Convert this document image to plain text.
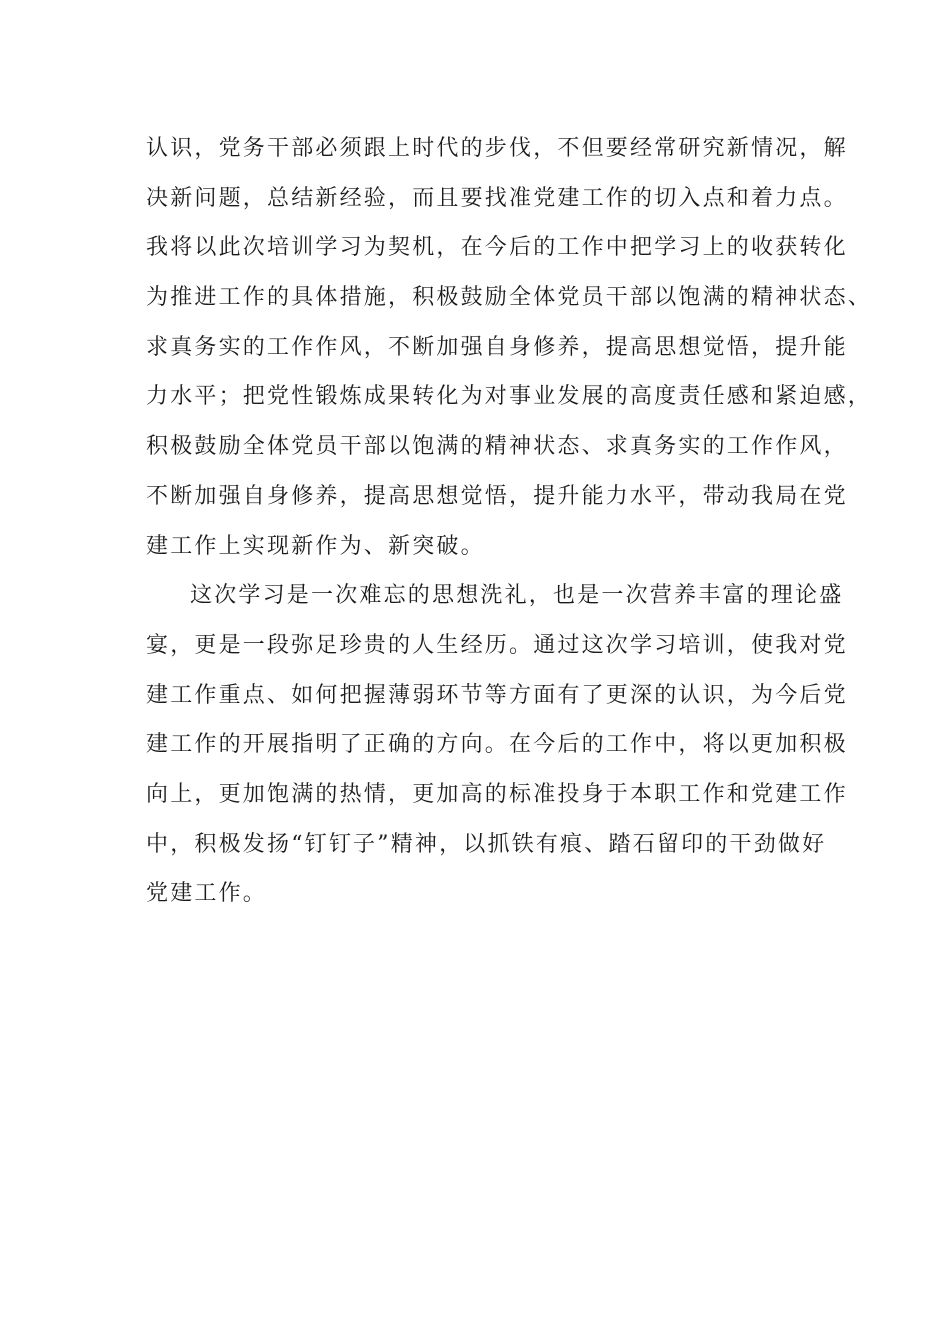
认识，党务干部必须跟上时代的步伐，不但要经常研究新情况，解
决新问题，总结新经验，而且要找准党建工作的切入点和着力点。
我将以此次培训学习为契机，在今后的工作中把学习上的收获转化
为推进工作的具体措施，积极鼓励全体党员干部以饱满的精神状态、
求真务实的工作作风，不断加强自身修养，提高思想觉悟，提升能
力水平；把党性锻炼成果转化为对事业发展的高度责任感和紧迫感，
积极鼓励全体党员干部以饱满的精神状态、求真务实的工作作风，
不断加强自身修养，提高思想觉悟，提升能力水平，带动我局在党
建工作上实现新作为、新突破。
这次学习是一次难忘的思想洗礼，也是一次营养丰富的理论盛
宴，更是一段弥足珍贵的人生经历。通过这次学习培训，使我对党
建工作重点、如何把握薄弱环节等方面有了更深的认识，为今后党
建工作的开展指明了正确的方向。在今后的工作中，将以更加积极
向上，更加饱满的热情，更加高的标准投身于本职工作和党建工作
中，积极发扬“钉钉子”精神，以抓铁有痕、踏石留印的干劲做好
党建工作。
